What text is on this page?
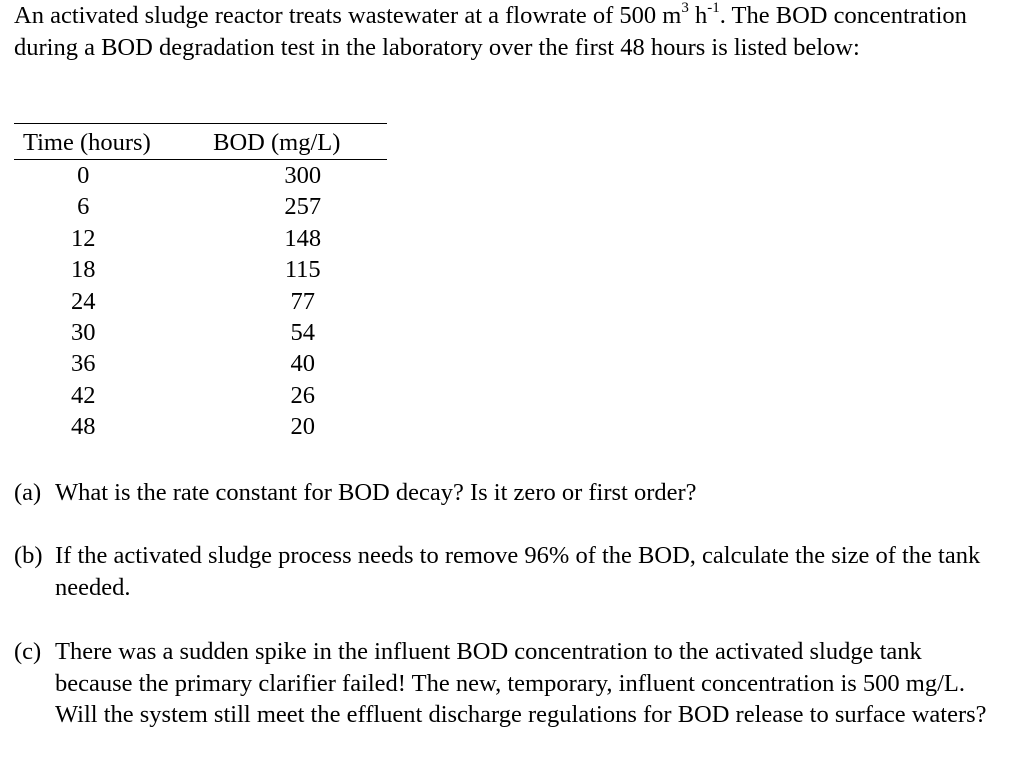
An activated sludge reactor treats wastewater at a flowrate of 500 $m^3$ $h^{-1}$. The BOD concentration during a BOD degradation test in the laboratory over the first 48 hours is listed below:

Time (hours)	BOD (mg/L)
0	300
6	257
12	148
18	115
24	77
30	54
36	40
42	26
48	20
(a) What is the rate constant for BOD decay? Is it zero or first order?
(b) If the activated sludge process needs to remove 96% of the BOD, calculate the size of the tank needed.
(c) There was a sudden spike in the influent BOD concentration to the activated sludge tank because the primary clarifier failed! The new, temporary, influent concentration is 500 mg/L. Will the system still meet the effluent discharge regulations for BOD release to surface waters?
